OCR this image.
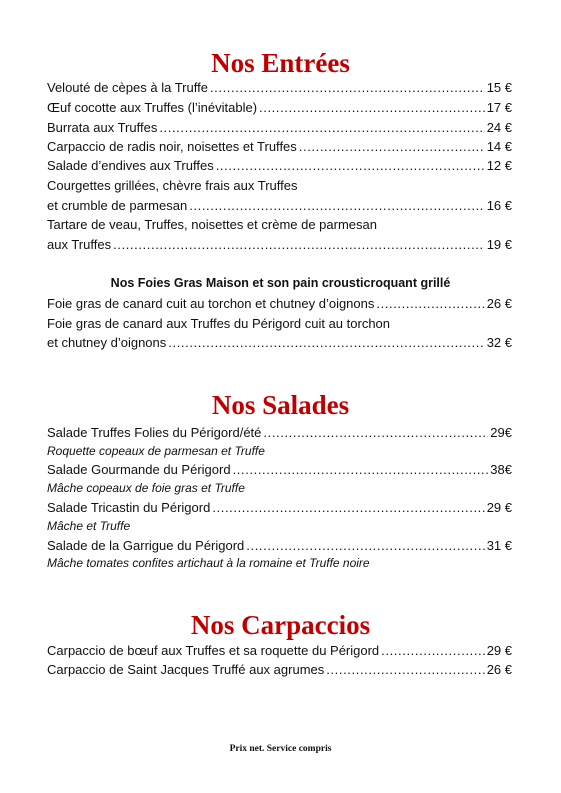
Nos Entrées
Velouté de cèpes à la Truffe .....	15 €
Œuf cocotte aux Truffes (l’inévitable) .....	17 €
Burrata aux Truffes .....	24 €
Carpaccio de radis noir, noisettes et Truffes .....	14 €
Salade d’endives aux Truffes .....	12 €
Courgettes grillées, chèvre frais aux Truffes
et crumble de parmesan .....	16 €
Tartare de veau, Truffes, noisettes et crème de parmesan
aux Truffes .....	19 €
Nos Foies Gras Maison et son pain crousticroquant grillé
Foie gras de canard cuit au torchon et chutney d’oignons .....	26 €
Foie gras de canard aux Truffes du Périgord cuit au torchon
et chutney d’oignons .....	32 €
Nos Salades
Salade Truffes Folies du Périgord/été .....	29€
Roquette copeaux de parmesan et Truffe
Salade Gourmande du Périgord .....	38€
Mâche copeaux de foie gras et Truffe
Salade Tricastin du Périgord .....	29 €
Mâche et Truffe
Salade de la Garrigue du Périgord .....	31 €
Mâche tomates confites artichaut à la romaine et Truffe noire
Nos Carpaccios
Carpaccio de bœuf aux Truffes et sa roquette du Périgord .....	29 €
Carpaccio de Saint Jacques Truffé aux agrumes .....	26 €
Prix net. Service compris
